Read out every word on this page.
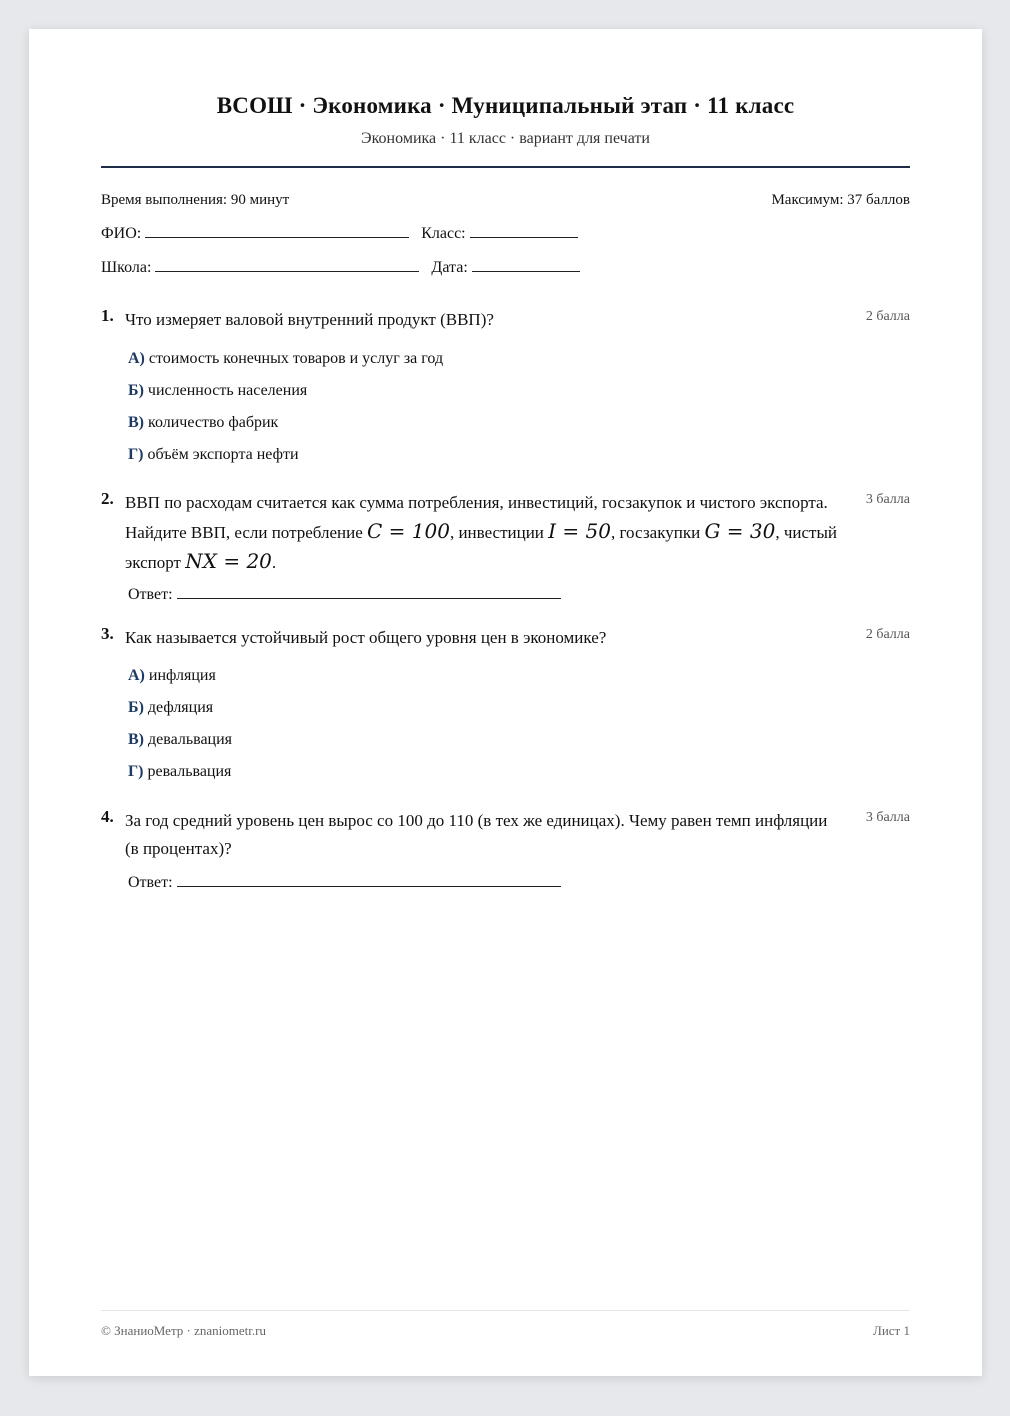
ВСОШ · Экономика · Муниципальный этап · 11 класс
Экономика · 11 класс · вариант для печати
Время выполнения: 90 минут	Максимум: 37 баллов
ФИО:	Класс:
Школа:	Дата:
1. Что измеряет валовой внутренний продукт (ВВП)?	2 балла
А) стоимость конечных товаров и услуг за год
Б) численность населения
В) количество фабрик
Г) объём экспорта нефти
2. ВВП по расходам считается как сумма потребления, инвестиций, госзакупок и чистого экспорта. Найдите ВВП, если потребление C = 100, инвестиции I = 50, госзакупки G = 30, чистый экспорт NX = 20.
3 балла
Ответ:
3. Как называется устойчивый рост общего уровня цен в экономике?	2 балла
А) инфляция
Б) дефляция
В) девальвация
Г) ревальвация
4. За год средний уровень цен вырос со 100 до 110 (в тех же единицах). Чему равен темп инфляции (в процентах)?
3 балла
Ответ:
© ЗнаниоМетр · znaniometr.ru	Лист 1
